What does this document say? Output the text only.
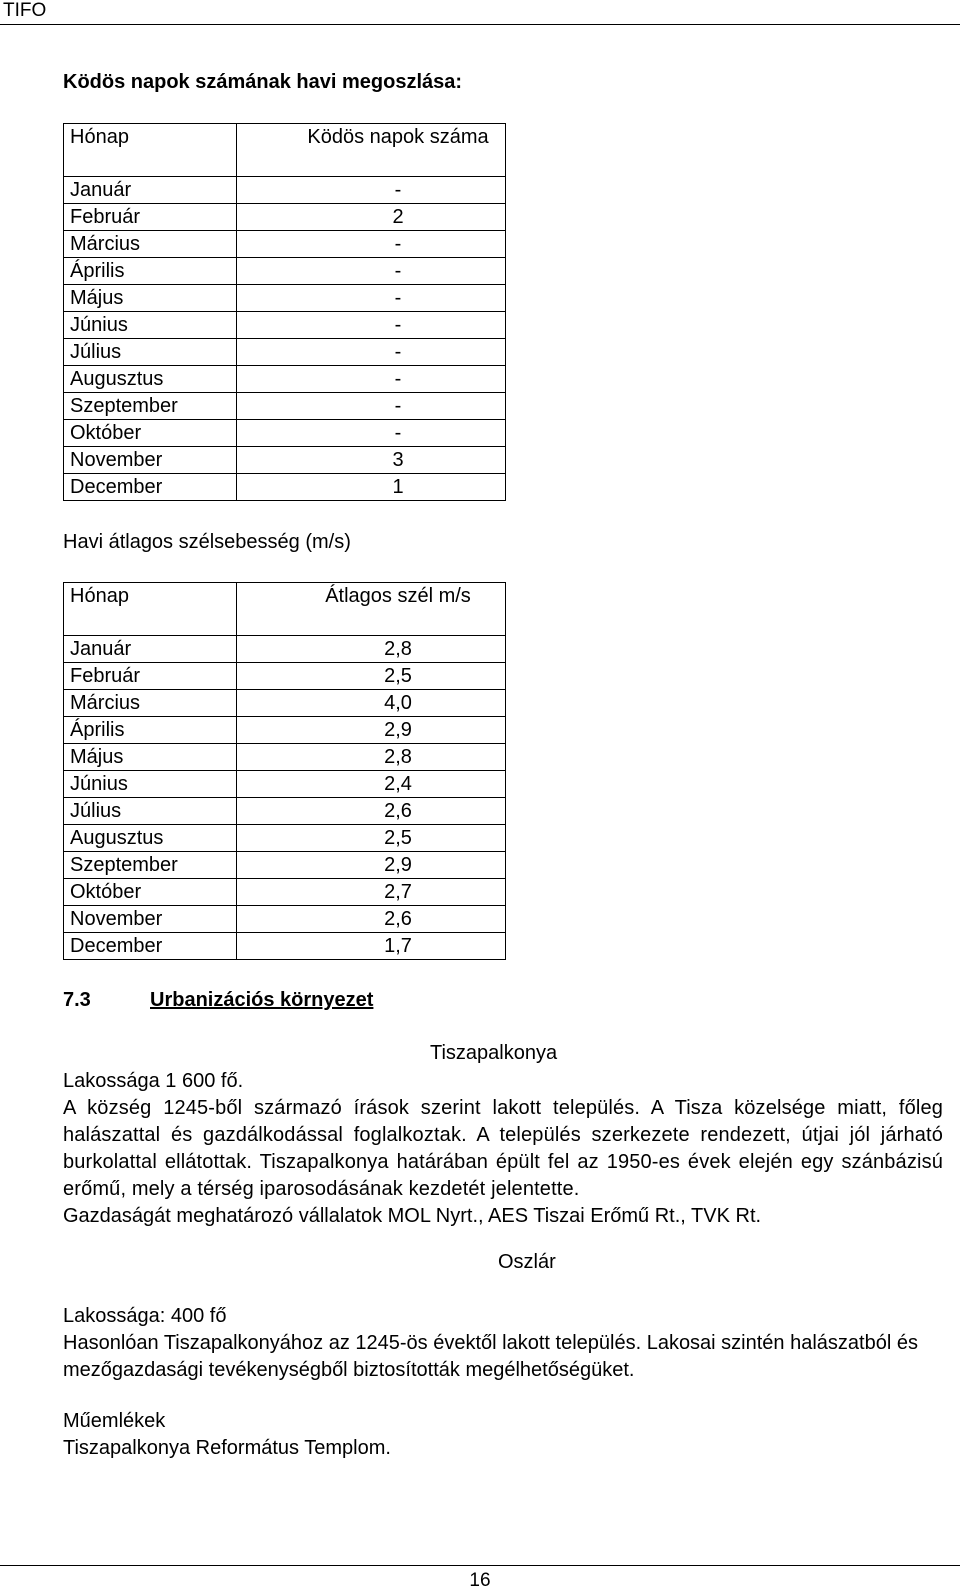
TIFO
Ködös napok számának havi megoszlása:
Hónap	Ködös napok száma
Január	-
Február	2
Március	-
Április	-
Május	-
Június	-
Július	-
Augusztus	-
Szeptember	-
Október	-
November	3
December	1
Havi átlagos szélsebesség (m/s)
Hónap	Átlagos szél m/s
Január	2,8
Február	2,5
Március	4,0
Április	2,9
Május	2,8
Június	2,4
Július	2,6
Augusztus	2,5
Szeptember	2,9
Október	2,7
November	2,6
December	1,7
7.3	Urbanizációs környezet
Tiszapalkonya

Lakossága 1 600 fő.

A község 1245-ből származó írások szerint lakott település. A Tisza közelsége miatt, főleg halászattal és gazdálkodással foglalkoztak. A település szerkezete rendezett, útjai jól járható burkolattal ellátottak. Tiszapalkonya határában épült fel az 1950-es évek elején egy szánbázisú erőmű, mely a térség iparosodásának kezdetét jelentette.

Gazdaságát meghatározó vállalatok MOL Nyrt., AES Tiszai Erőmű Rt., TVK Rt.

Oszlár

Lakossága: 400 fő

Hasonlóan Tiszapalkonyához az 1245-ös évektől lakott település. Lakosai szintén halászatból és mezőgazdasági tevékenységből biztosították megélhetőségüket.

Műemlékek

Tiszapalkonya Református Templom.

16
